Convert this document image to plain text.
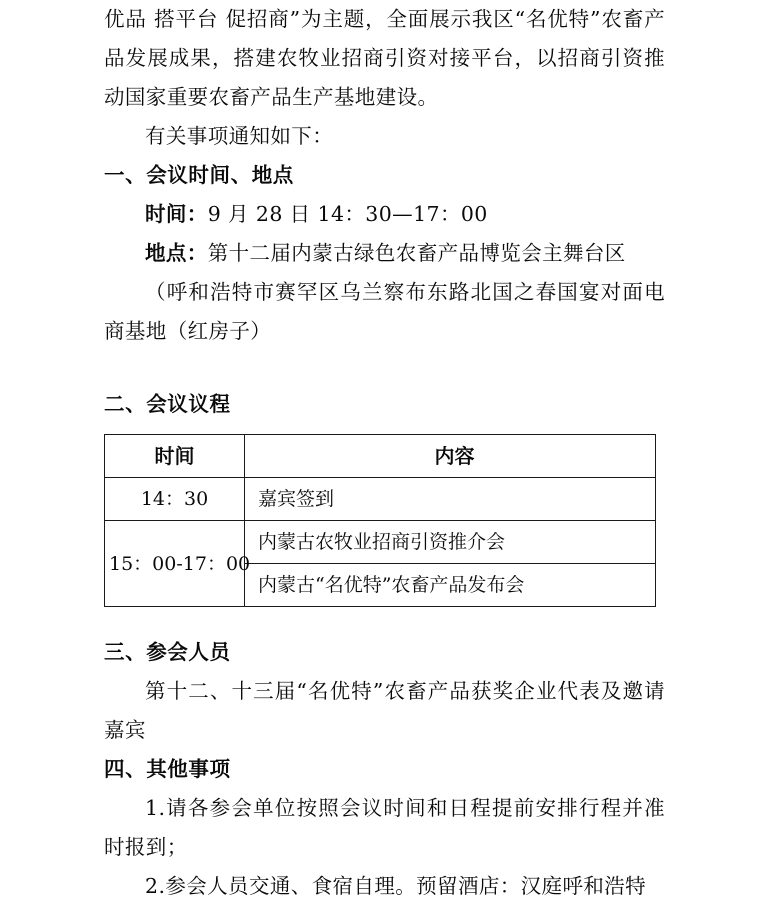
优品 搭平台 促招商”为主题，全面展示我区“名优特”农畜产品发展成果，搭建农牧业招商引资对接平台，以招商引资推动国家重要农畜产品生产基地建设。

有关事项通知如下：

一、会议时间、地点

时间：9 月 28 日 14：30—17：00

地点：第十二届内蒙古绿色农畜产品博览会主舞台区

（呼和浩特市赛罕区乌兰察布东路北国之春国宴对面电商基地（红房子）

二、会议议程

时间	内容
14：30	嘉宾签到
15：00-17：00	内蒙古农牧业招商引资推介会
	内蒙古“名优特”农畜产品发布会

三、参会人员

第十二、十三届“名优特”农畜产品获奖企业代表及邀请嘉宾

四、其他事项

1.请各参会单位按照会议时间和日程提前安排行程并准时报到；

2.参会人员交通、食宿自理。预留酒店：汉庭呼和浩特
